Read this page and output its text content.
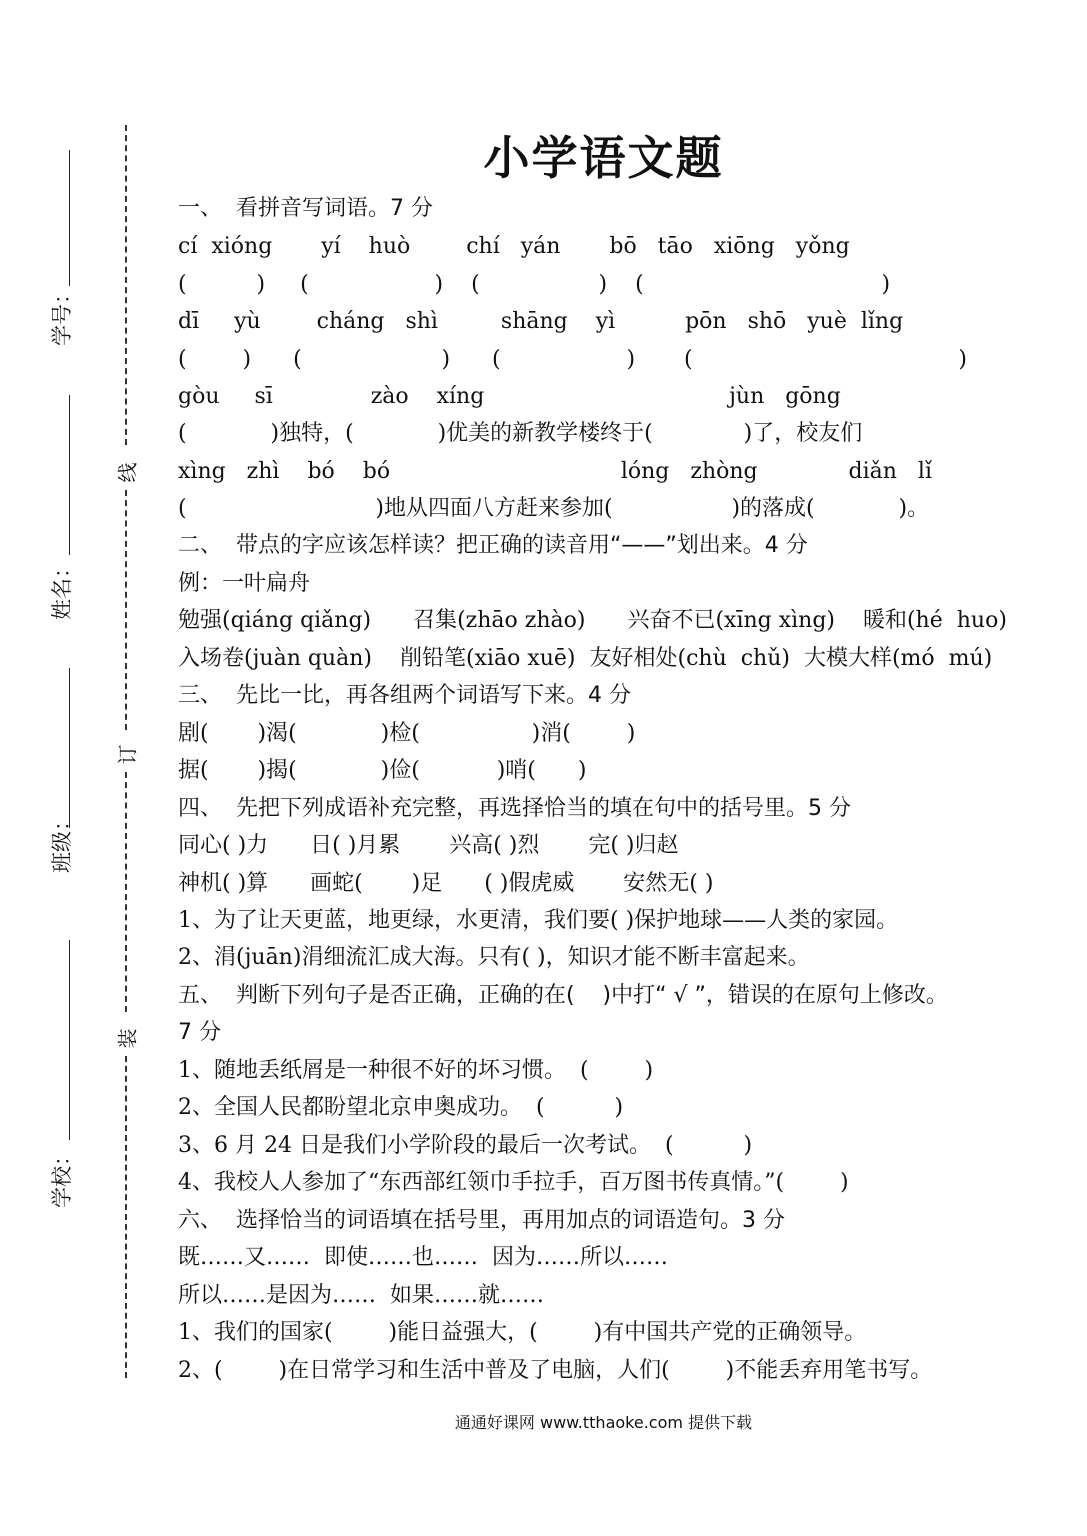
学号：
姓名：
班级：
学校：
线
订
装
小学语文题
一、  看拼音写词语。7 分
cí  xióng       yí    huò        chí   yán       bō   tāo   xiōng   yǒng
(          )     (                  )    (                 )    (                                  )
dī     yù        cháng   shì         shāng    yì          pōn   shō   yuè  lǐng
(        )      (                    )      (                  )       (                                      )
gòu     sī              zào    xíng                                   jùn   gōng
(            )独特，(            )优美的新教学楼终于(             )了，校友们
xìng   zhì    bó    bó                                 lóng   zhòng             diǎn   lǐ
(                           )地从四面八方赶来参加(                 )的落成(            )。
二、  带点的字应该怎样读？把正确的读音用“——”划出来。4 分
例：一叶扁舟
勉强(qiáng qiǎng)      召集(zhāo zhào)      兴奋不已(xīng xìng)    暖和(hé  huo)
入场卷(juàn quàn)    削铅笔(xiāo xuē)  友好相处(chù  chǔ)  大模大样(mó  mú)
三、  先比一比，再各组两个词语写下来。4 分
剧(       )渴(            )检(                )消(        )
据(       )揭(            )俭(           )哨(      )
四、  先把下列成语补充完整，再选择恰当的填在句中的括号里。5 分
同心( )力      日( )月累       兴高( )烈       完( )归赵
神机( )算      画蛇(       )足      ( )假虎威       安然无( )
1、为了让天更蓝，地更绿，水更清，我们要( )保护地球——人类的家园。
2、涓(juān)涓细流汇成大海。只有( )，知识才能不断丰富起来。
五、  判断下列句子是否正确，正确的在(    )中打“ √ ”，错误的在原句上修改。
7 分
1、随地丢纸屑是一种很不好的坏习惯。  (        )
2、全国人民都盼望北京申奥成功。  (          )
3、6 月 24 日是我们小学阶段的最后一次考试。  (          )
4、我校人人参加了“东西部红领巾手拉手，百万图书传真情。”(        )
六、  选择恰当的词语填在括号里，再用加点的词语造句。3 分
既……又……  即使……也……  因为……所以……
所以……是因为……  如果……就……
1、我们的国家(        )能日益强大，(        )有中国共产党的正确领导。
2、(        )在日常学习和生活中普及了电脑，人们(        )不能丢弃用笔书写。
通通好课网 www.tthaoke.com 提供下载
